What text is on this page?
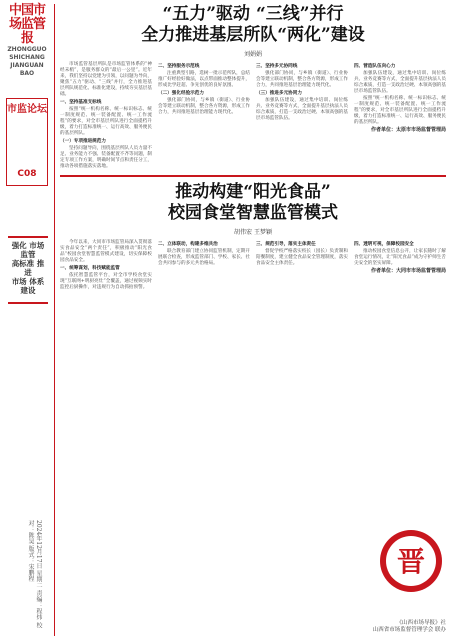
中国市场监管报
ZHONGGUO SHICHANG JIANGUAN BAO
市监论坛
C08
强化 市场监管
高标准 推进
市场 体系
建设
2024年12月17日 星期二 责编：程炜 校对：陈昊 版式：宋鹏程
“五力”驱动 “三线”并行
全力推进基层所队“两化”建设
刘娟娟

市场监管基层所队是市场监管体系的“神经末梢”，是服务群众的“最后一公里”。近年来，我们坚持以党建为引领，以问题为导向，聚焦“五力”驱动、“三线”并行，全力推进基层所队规范化、标准化建设，持续夯实基层基础。

一、坚持基准支标线

按照“统一机构名称、统一标识标志、统一制度规范、统一装备配置、统一工作流程”的要求，对全市基层所队进行全面提档升级，着力打造标准统一、运行高效、服务便民的基层所队。

（一）专项推进规范力

坚持问题导向，围绕基层所队人员力量不足、业务能力不强、装备配置不齐等问题，制定专项工作方案，明确时间节点和责任分工，推动各项措施落实落地。

二、坚持服务示范线

注重典型引路，选树一批示范所队，总结推广好经验好做法，以点带面推动整体提升，形成比学赶超、争先创优的良好氛围。

（二）强化经验示范力

强化部门协同，与乡镇（街道）、行业协会等建立联动机制，整合各方资源，形成工作合力，共同推进基层治理能力现代化。

三、坚持多元协同线

强化部门协同，与乡镇（街道）、行业协会等建立联动机制，整合各方资源，形成工作合力，共同推进基层治理能力现代化。

（三）推进多元协同力

加强队伍建设，通过集中培训、岗位练兵、业务竞赛等方式，全面提升基层执法人员综合素质，打造一支政治过硬、本领高强的基层市场监管队伍。

四、营造队伍向心力

加强队伍建设，通过集中培训、岗位练兵、业务竞赛等方式，全面提升基层执法人员综合素质，打造一支政治过硬、本领高强的基层市场监管队伍。

按照“统一机构名称、统一标识标志、统一制度规范、统一装备配置、统一工作流程”的要求，对全市基层所队进行全面提档升级，着力打造标准统一、运行高效、服务便民的基层所队。

作者单位：太原市市场监督管理局

推动构建“阳光食品”
校园食堂智慧监管模式
胡伟宏 王梦颖

今年以来，大同市市场监管局深入贯彻落实食品安全“两个责任”，积极推动“阳光食品”校园食堂智慧监管模式建设，切实保障校园食品安全。

一、统筹谋划，科技赋能监管

依托智慧监管平台，对全市学校食堂实现“互联网+明厨亮灶”全覆盖，通过视频实时监控后厨操作，对违规行为自动抓拍预警。

二、立体联动，构建多维共治

联合教育部门建立协同监管机制，定期开展联合检查，形成监管部门、学校、家长、社会共同参与的多元共治格局。

三、规范引导，落实主体责任

督促学校严格落实校长（园长）负责制和陪餐制度，建立健全食品安全管理制度，落实食品安全主体责任。

四、透明可视，保障校园安全

推动校园食堂信息公开，让家长随时了解食堂运行情况，让“阳光食品”成为守护师生舌尖安全的坚实屏障。

作者单位：大同市市场监督管理局

晋
《山西市场导报》社
山西省市场监督管理学会 联办
